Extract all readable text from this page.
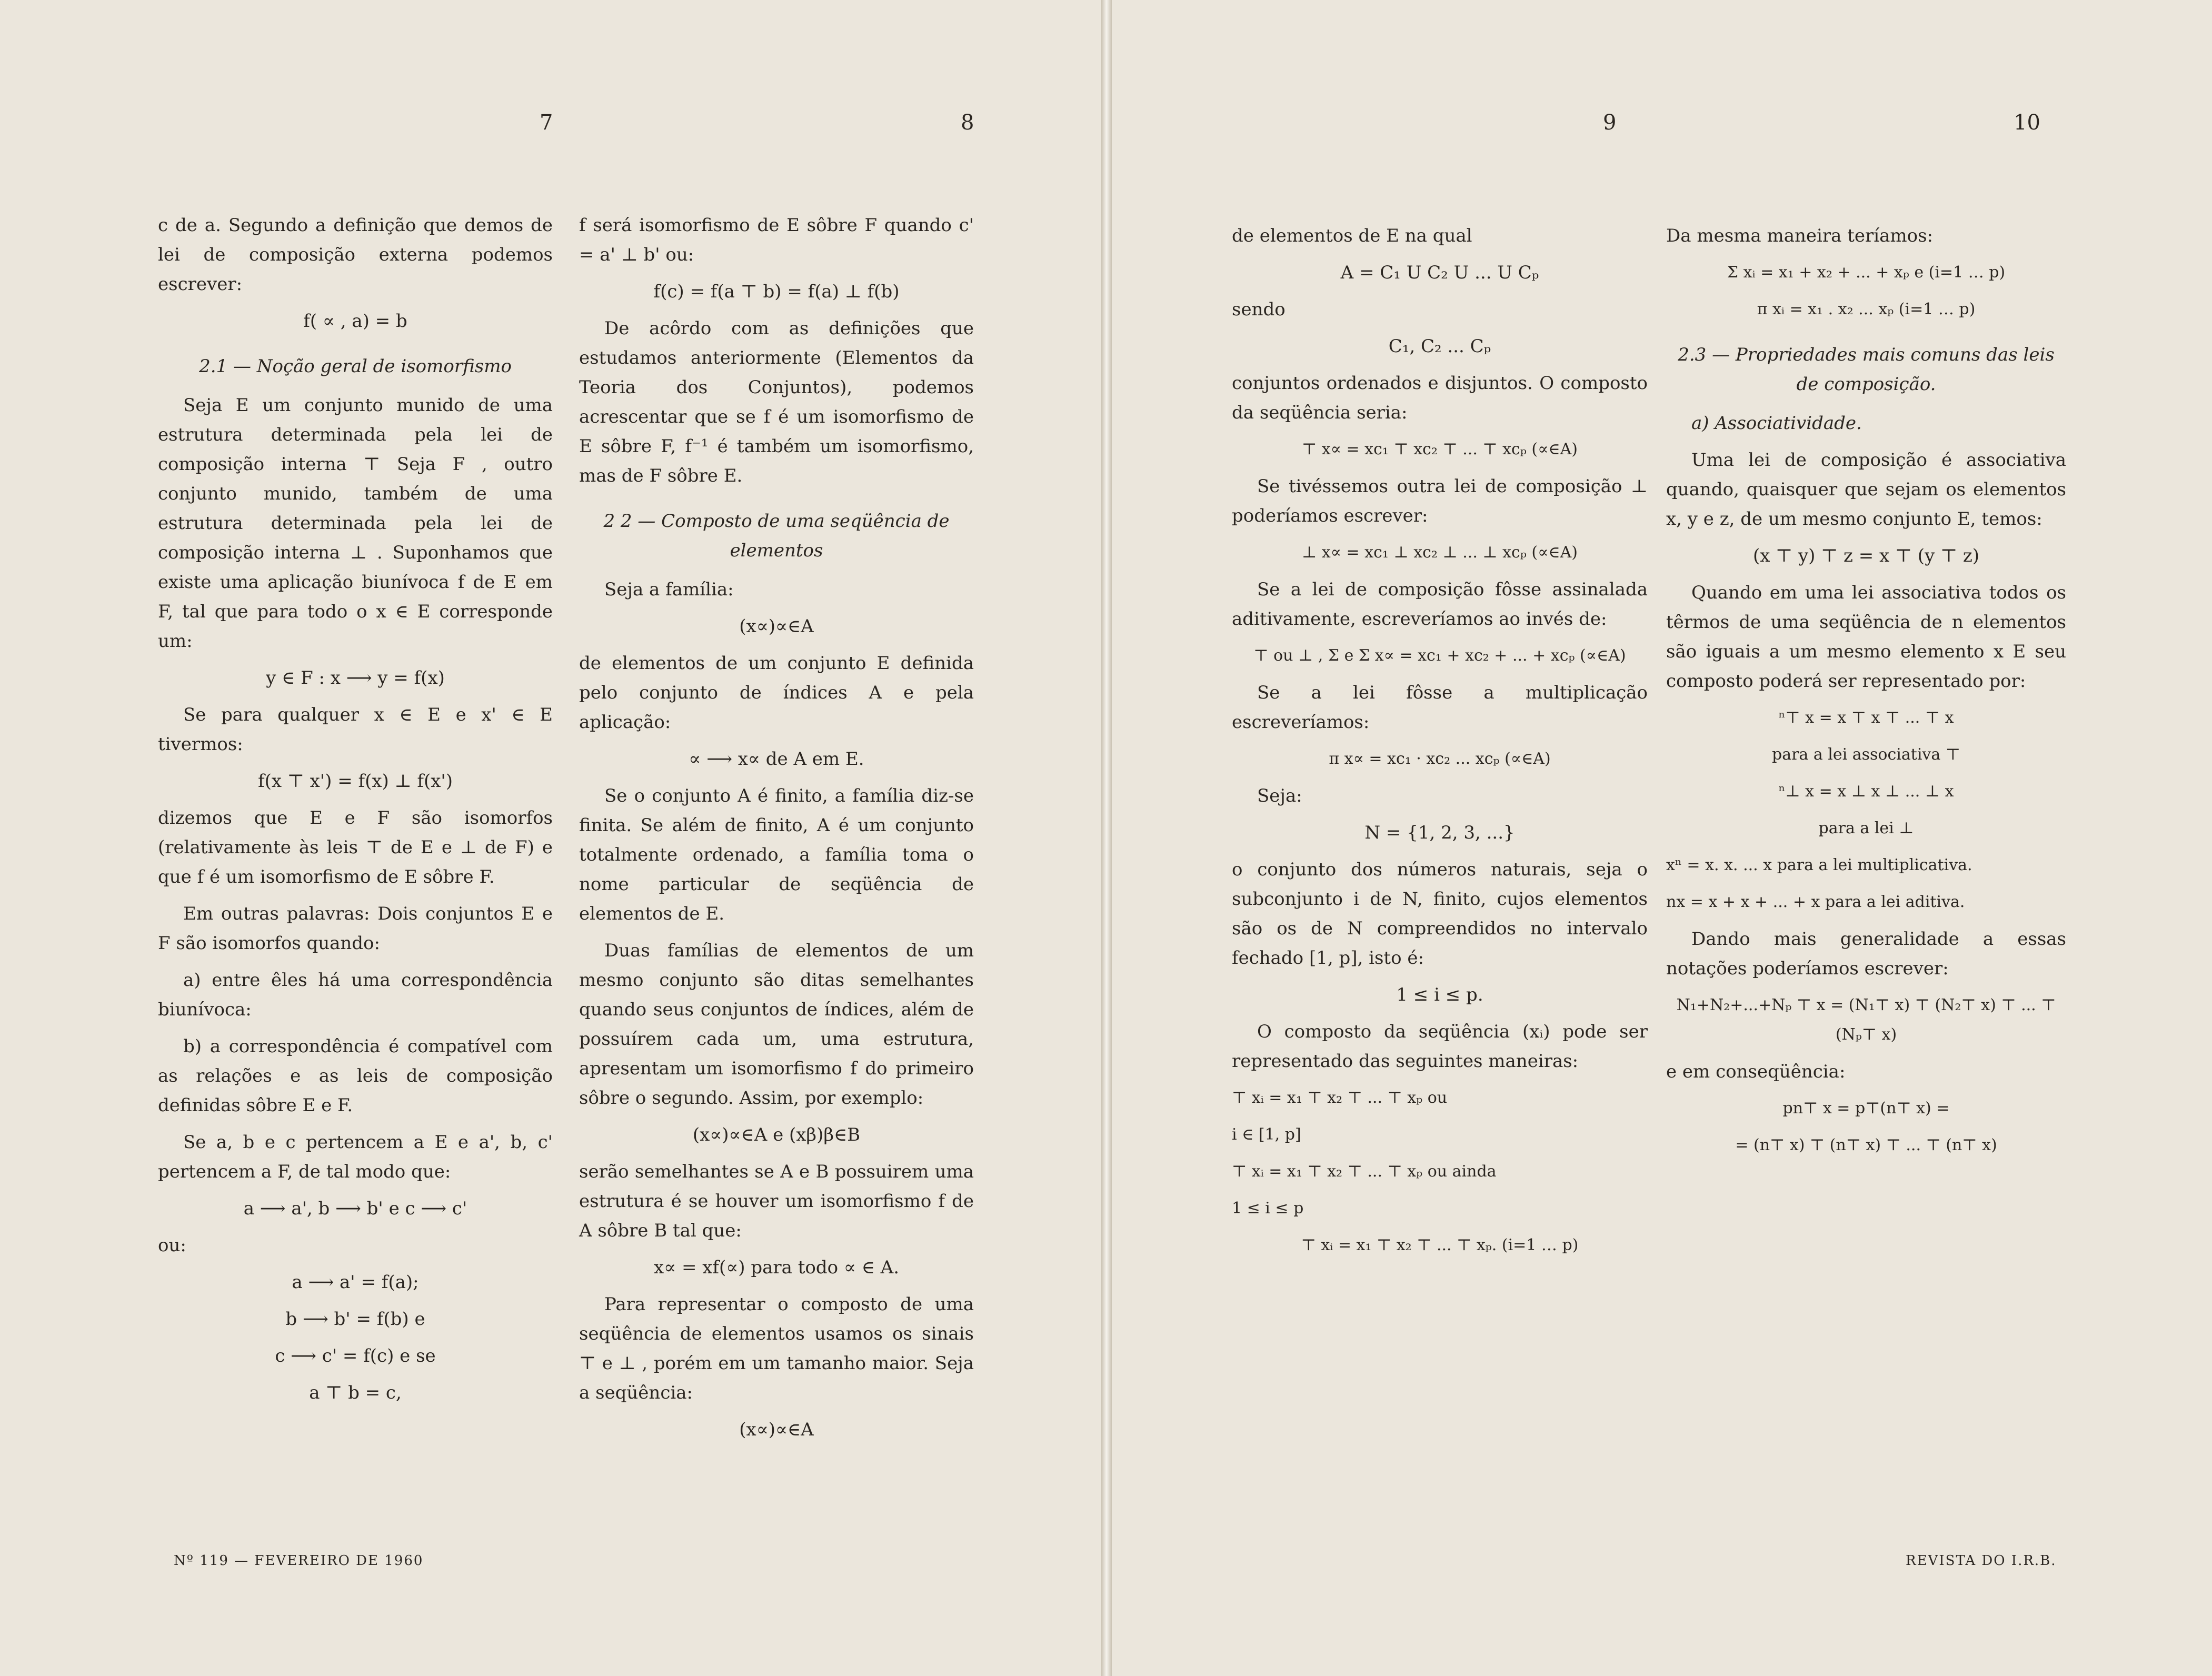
7	8	9	10

c de a. Segundo a definição que demos de lei de composição externa podemos escrever:

f( ∝ , a) = b

2.1 — Noção geral de isomorfismo

Seja E um conjunto munido de uma estrutura determinada pela lei de composição interna ⊤ Seja F , outro conjunto munido, também de uma estrutura determinada pela lei de composição interna ⊥ . Suponhamos que existe uma aplicação biunívoca f de E em F, tal que para todo o x ∈ E corresponde um:

y ∈ F : x ⟶ y = f(x)

Se para qualquer x ∈ E e x' ∈ E tivermos:

f(x ⊤ x') = f(x) ⊥ f(x')

dizemos que E e F são isomorfos (relativamente às leis ⊤ de E e ⊥ de F) e que f é um isomorfismo de E sôbre F.

Em outras palavras: Dois conjuntos E e F são isomorfos quando:

a) entre êles há uma correspondência biunívoca:

b) a correspondência é compatível com as relações e as leis de composição definidas sôbre E e F.

Se a, b e c pertencem a E e a', b, c' pertencem a F, de tal modo que:

a ⟶ a', b ⟶ b' e c ⟶ c'

ou:

a ⟶ a' = f(a);

b ⟶ b' = f(b) e

c ⟶ c' = f(c) e se

a ⊤ b = c,

f será isomorfismo de E sôbre F quando c' = a' ⊥ b' ou:

f(c) = f(a ⊤ b) = f(a) ⊥ f(b)

De acôrdo com as definições que estudamos anteriormente (Elementos da Teoria dos Conjuntos), podemos acrescentar que se f é um isomorfismo de E sôbre F, f⁻¹ é também um isomorfismo, mas de F sôbre E.

2 2 — Composto de uma seqüência de elementos

Seja a família:

(x∝)∝∈A

de elementos de um conjunto E definida pelo conjunto de índices A e pela aplicação:

∝ ⟶ x∝ de A em E.

Se o conjunto A é finito, a família diz-se finita. Se além de finito, A é um conjunto totalmente ordenado, a família toma o nome particular de seqüência de elementos de E.

Duas famílias de elementos de um mesmo conjunto são ditas semelhantes quando seus conjuntos de índices, além de possuírem cada um, uma estrutura, apresentam um isomorfismo f do primeiro sôbre o segundo. Assim, por exemplo:

(x∝)∝∈A e (xβ)β∈B

serão semelhantes se A e B possuirem uma estrutura é se houver um isomorfismo f de A sôbre B tal que:

x∝ = xf(∝) para todo ∝ ∈ A.

Para representar o composto de uma seqüência de elementos usamos os sinais ⊤ e ⊥ , porém em um tamanho maior. Seja a seqüência:

(x∝)∝∈A

de elementos de E na qual

A = C₁ U C₂ U ... U Cₚ

sendo

C₁, C₂ ... Cₚ

conjuntos ordenados e disjuntos. O composto da seqüência seria:

⊤ x∝ = xc₁ ⊤ xc₂ ⊤ ... ⊤ xcₚ (∝∈A)

Se tivéssemos outra lei de composição ⊥ poderíamos escrever:

⊥ x∝ = xc₁ ⊥ xc₂ ⊥ ... ⊥ xcₚ (∝∈A)

Se a lei de composição fôsse assinalada aditivamente, escreveríamos ao invés de:

⊤ ou ⊥ , Σ e Σ x∝ = xc₁ + xc₂ + ... + xcₚ (∝∈A)

Se a lei fôsse a multiplicação escreveríamos:

π x∝ = xc₁ · xc₂ ... xcₚ (∝∈A)

Seja:

N = {1, 2, 3, ...}

o conjunto dos números naturais, seja o subconjunto i de N, finito, cujos elementos são os de N compreendidos no intervalo fechado [1, p], isto é:

1 ≤ i ≤ p.

O composto da seqüência (xᵢ) pode ser representado das seguintes maneiras:

⊤ xᵢ = x₁ ⊤ x₂ ⊤ ... ⊤ xₚ ou

i ∈ [1, p]

⊤ xᵢ = x₁ ⊤ x₂ ⊤ ... ⊤ xₚ ou ainda

1 ≤ i ≤ p

⊤ xᵢ = x₁ ⊤ x₂ ⊤ ... ⊤ xₚ. (i=1 … p)

Da mesma maneira teríamos:

Σ xᵢ = x₁ + x₂ + ... + xₚ e (i=1 … p)

π xᵢ = x₁ . x₂ ... xₚ (i=1 … p)

2.3 — Propriedades mais comuns das leis de composição.

a) Associatividade.

Uma lei de composição é associativa quando, quaisquer que sejam os elementos x, y e z, de um mesmo conjunto E, temos:

(x ⊤ y) ⊤ z = x ⊤ (y ⊤ z)

Quando em uma lei associativa todos os têrmos de uma seqüência de n elementos são iguais a um mesmo elemento x E seu composto poderá ser representado por:

ⁿ⊤ x = x ⊤ x ⊤ ... ⊤ x

para a lei associativa ⊤

ⁿ⊥ x = x ⊥ x ⊥ ... ⊥ x

para a lei ⊥

xⁿ = x. x. ... x para a lei multiplicativa.

nx = x + x + ... + x para a lei aditiva.

Dando mais generalidade a essas notações poderíamos escrever:

N₁+N₂+...+Nₚ ⊤ x = (N₁⊤ x) ⊤ (N₂⊤ x) ⊤ ... ⊤ (Nₚ⊤ x)

e em conseqüência:

pn⊤ x = p⊤(n⊤ x) =

= (n⊤ x) ⊤ (n⊤ x) ⊤ ... ⊤ (n⊤ x)

Nº 119 — FEVEREIRO DE 1960	REVISTA DO I.R.B.
